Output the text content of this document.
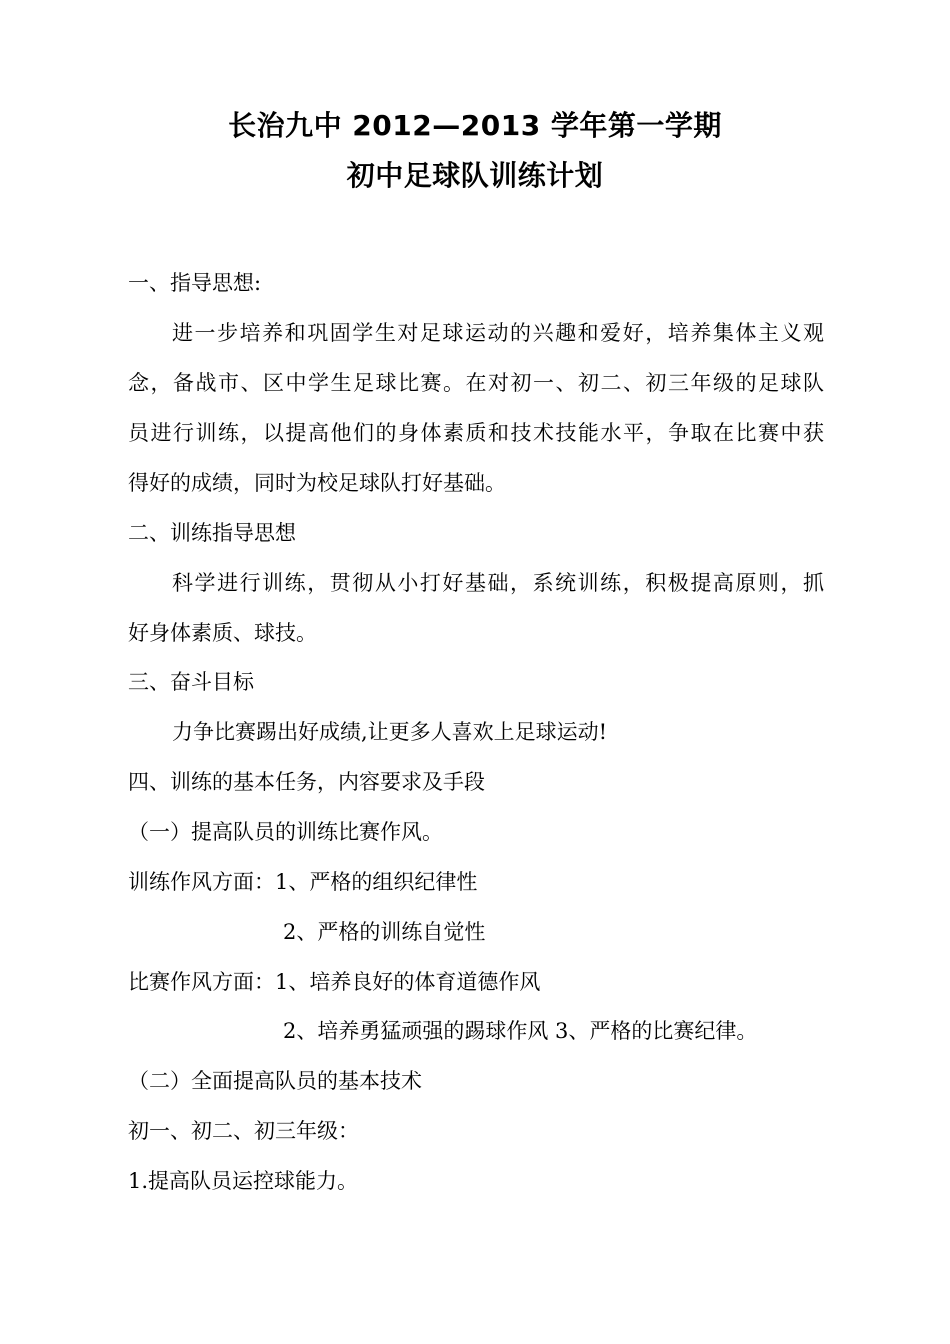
长治九中 2012—2013 学年第一学期
初中足球队训练计划
一、指导思想:
进一步培养和巩固学生对足球运动的兴趣和爱好，培养集体主义观
念，备战市、区中学生足球比赛。在对初一、初二、初三年级的足球队
员进行训练，以提高他们的身体素质和技术技能水平，争取在比赛中获
得好的成绩，同时为校足球队打好基础。
二、训练指导思想
科学进行训练，贯彻从小打好基础，系统训练，积极提高原则，抓
好身体素质、球技。
三、奋斗目标
力争比赛踢出好成绩,让更多人喜欢上足球运动!
四、训练的基本任务，内容要求及手段
（一）提高队员的训练比赛作风。
训练作风方面：1、严格的组织纪律性
2、严格的训练自觉性
比赛作风方面：1、培养良好的体育道德作风
2、培养勇猛顽强的踢球作风 3、严格的比赛纪律。
（二）全面提高队员的基本技术
初一、初二、初三年级：
1.提高队员运控球能力。
